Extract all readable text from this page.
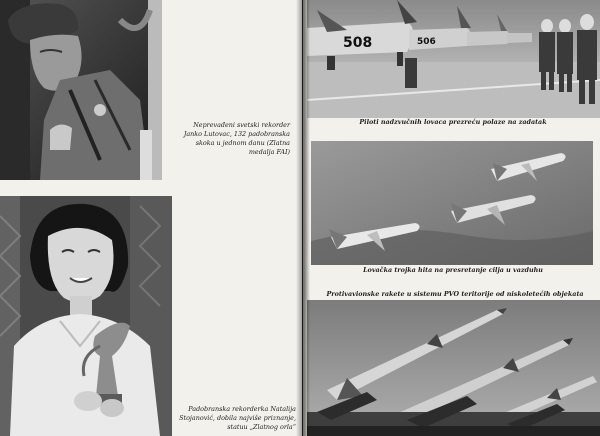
Neprevađeni svetski rekorder
Janko Lutovac, 132 padobranska
skoka u jednom danu (Zlatna
medalja FAI)
Padobranska rekorderka Natalija
Stojanović, dobila najviše priznanje,
statuu „Zlatnog orla“
508	506
Piloti nadzvučnih lovaca prezreću polaze na zadatak
Lovačka trojka hita na presretanje cilja u vazduhu
Protivavionske rakete u sistemu PVO teritorije od niskoletećih objekata
